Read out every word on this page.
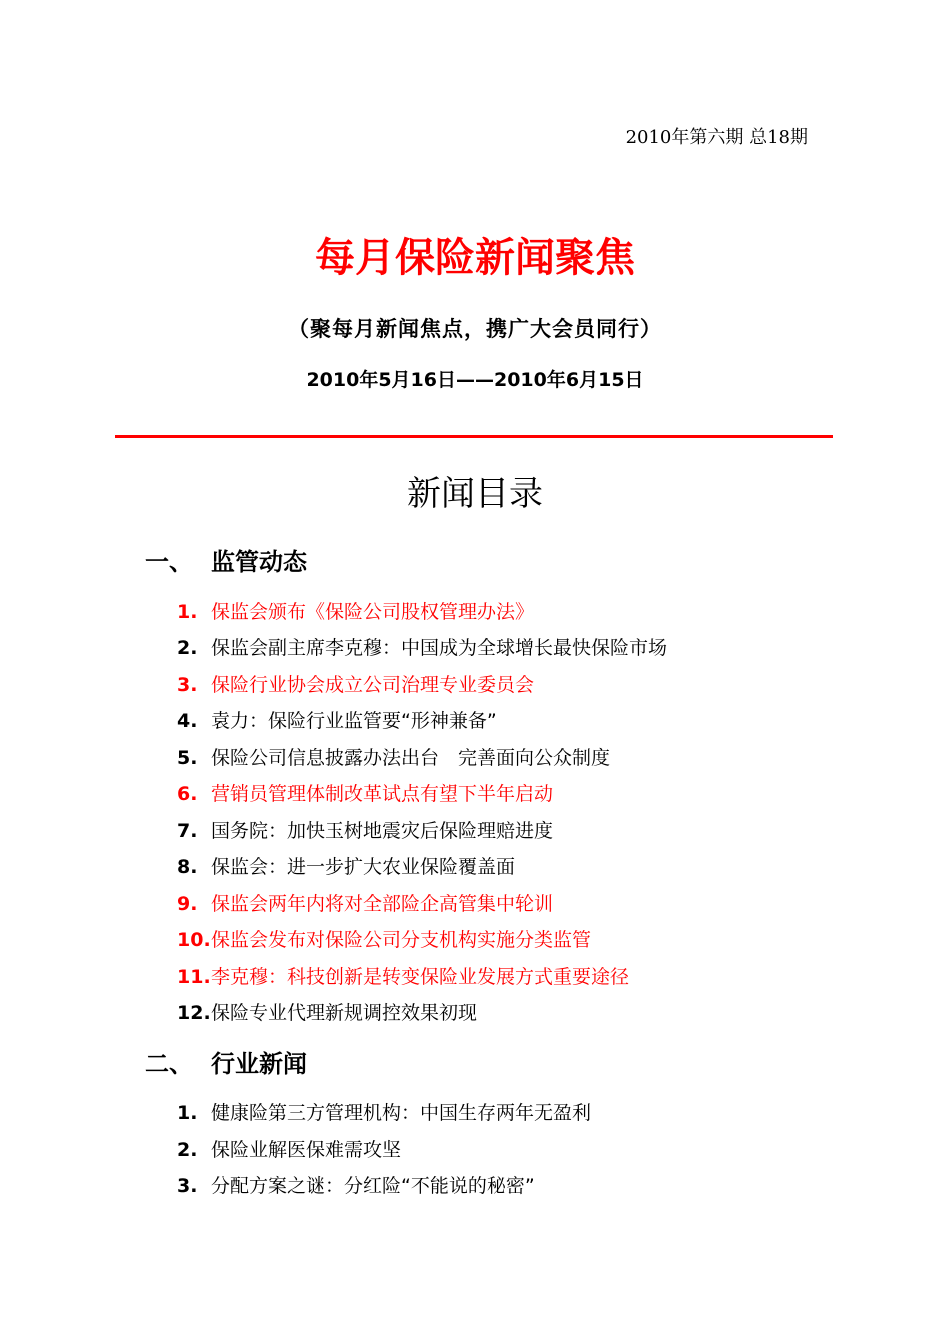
2010年第六期 总18期
每月保险新闻聚焦
（聚每月新闻焦点，携广大会员同行）
2010年5月16日——2010年6月15日
新闻目录
一、 监管动态
1. 保监会颁布《保险公司股权管理办法》
2. 保监会副主席李克穆：中国成为全球增长最快保险市场
3. 保险行业协会成立公司治理专业委员会
4. 袁力：保险行业监管要“形神兼备”
5. 保险公司信息披露办法出台　完善面向公众制度
6. 营销员管理体制改革试点有望下半年启动
7. 国务院：加快玉树地震灾后保险理赔进度
8. 保监会：进一步扩大农业保险覆盖面
9. 保监会两年内将对全部险企高管集中轮训
10.保监会发布对保险公司分支机构实施分类监管
11.李克穆：科技创新是转变保险业发展方式重要途径
12.保险专业代理新规调控效果初现
二、 行业新闻
1. 健康险第三方管理机构：中国生存两年无盈利
2. 保险业解医保难需攻坚
3. 分配方案之谜：分红险“不能说的秘密”
